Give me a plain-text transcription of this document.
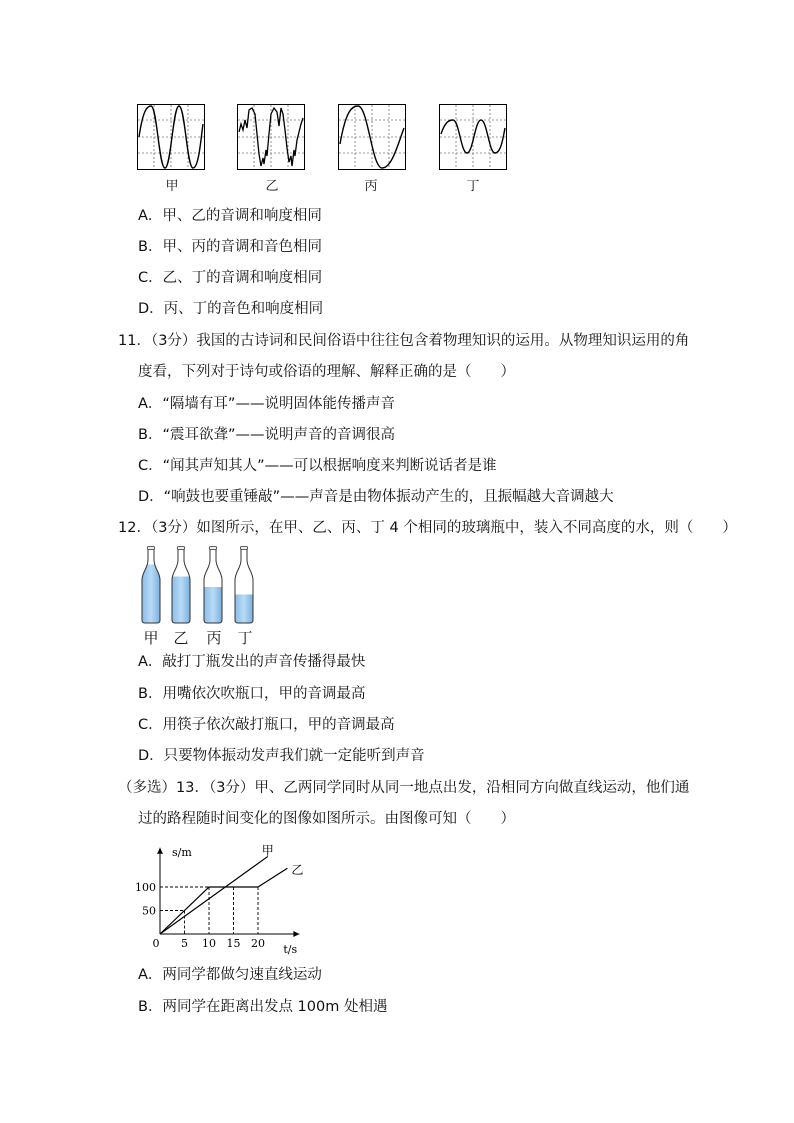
甲	乙	丙	丁
A．甲、乙的音调和响度相同
B．甲、丙的音调和音色相同
C．乙、丁的音调和响度相同
D．丙、丁的音色和响度相同
11．（3分）我国的古诗词和民间俗语中往往包含着物理知识的运用。从物理知识运用的角
度看，下列对于诗句或俗语的理解、解释正确的是（　　）
A．“隔墙有耳”——说明固体能传播声音
B．“震耳欲聋”——说明声音的音调很高
C．“闻其声知其人”——可以根据响度来判断说话者是谁
D．“响鼓也要重锤敲”——声音是由物体振动产生的，且振幅越大音调越大
12．（3分）如图所示，在甲、乙、丙、丁 4 个相同的玻璃瓶中，装入不同高度的水，则（　　）
甲 乙	丙	丁
A．敲打丁瓶发出的声音传播得最快
B．用嘴依次吹瓶口，甲的音调最高
C．用筷子依次敲打瓶口，甲的音调最高
D．只要物体振动发声我们就一定能听到声音
（多选）13．（3分）甲、乙两同学同时从同一地点出发，沿相同方向做直线运动，他们通
过的路程随时间变化的图像如图所示。由图像可知（　　）
s/m
t/s
0 5 10 15 20
50
100
甲
乙
A．两同学都做匀速直线运动
B．两同学在距离出发点 100m 处相遇
